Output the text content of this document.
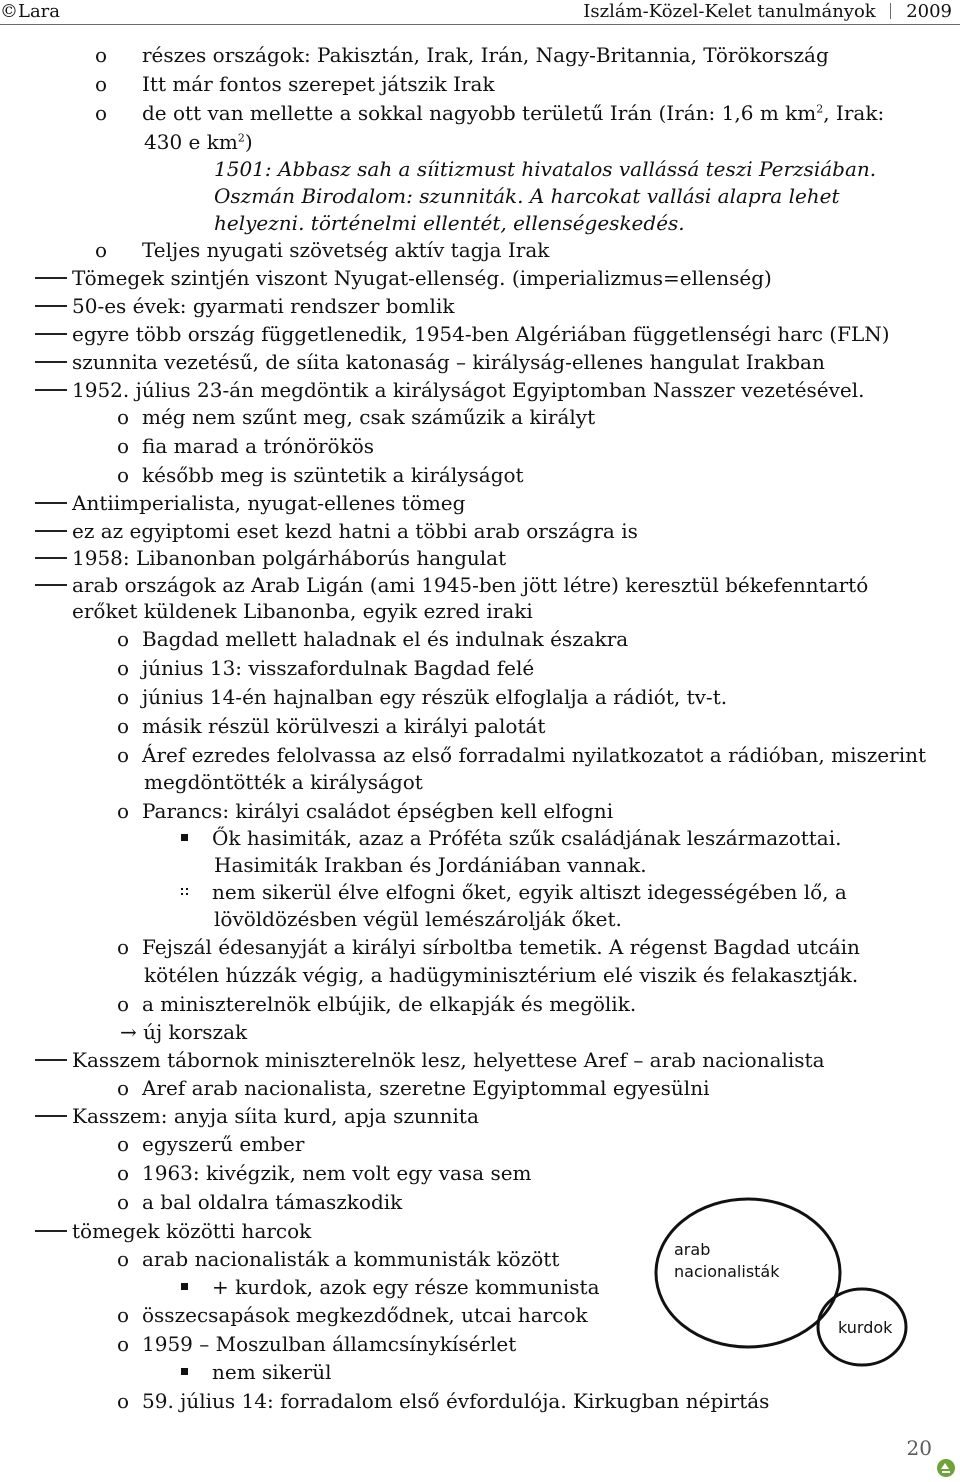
©Lara	Iszlám-Közel-Kelet tanulmányok 2009
o részes országok: Pakisztán, Irak, Irán, Nagy-Britannia, Törökország
o Itt már fontos szerepet játszik Irak
o de ott van mellette a sokkal nagyobb területű Irán (Irán: 1,6 m $km^2$, Irak:
430 e $km^2$)
1501: Abbasz sah a síitizmust hivatalos vallássá teszi Perzsiában.
Oszmán Birodalom: szunniták. A harcokat vallási alapra lehet
helyezni. történelmi ellentét, ellenségeskedés.
o Teljes nyugati szövetség aktív tagja Irak
Tömegek szintjén viszont Nyugat-ellenség. (imperializmus=ellenség)
50-es évek: gyarmati rendszer bomlik
egyre több ország függetlenedik, 1954-ben Algériában függetlenségi harc (FLN)
szunnita vezetésű, de síita katonaság – királyság-ellenes hangulat Irakban
1952. július 23-án megdöntik a királyságot Egyiptomban Nasszer vezetésével.
o még nem szűnt meg, csak száműzik a királyt
o fia marad a trónörökös
o később meg is szüntetik a királyságot
Antiimperialista, nyugat-ellenes tömeg
ez az egyiptomi eset kezd hatni a többi arab országra is
1958: Libanonban polgárháborús hangulat
arab országok az Arab Ligán (ami 1945-ben jött létre) keresztül békefenntartó
erőket küldenek Libanonba, egyik ezred iraki
o Bagdad mellett haladnak el és indulnak északra
o június 13: visszafordulnak Bagdad felé
o június 14-én hajnalban egy részük elfoglalja a rádiót, tv-t.
o másik részül körülveszi a királyi palotát
o Áref ezredes felolvassa az első forradalmi nyilatkozatot a rádióban, miszerint
megdöntötték a királyságot
o Parancs: királyi családot épségben kell elfogni
Ők hasimiták, azaz a Próféta szűk családjának leszármazottai.
Hasimiták Irakban és Jordániában vannak.
nem sikerül élve elfogni őket, egyik altiszt idegességében lő, a
lövöldözésben végül lemészárolják őket.
o Fejszál édesanyját a királyi sírboltba temetik. A régenst Bagdad utcáin
kötélen húzzák végig, a hadügyminisztérium elé viszik és felakasztják.
o a miniszterelnök elbújik, de elkapják és megölik.
→ új korszak
Kasszem tábornok miniszterelnök lesz, helyettese Aref – arab nacionalista
o Aref arab nacionalista, szeretne Egyiptommal egyesülni
Kasszem: anyja síita kurd, apja szunnita
o egyszerű ember
o 1963: kivégzik, nem volt egy vasa sem
o a bal oldalra támaszkodik
tömegek közötti harcok
o arab nacionalisták a kommunisták között
+ kurdok, azok egy része kommunista
o összecsapások megkezdődnek, utcai harcok
o 1959 – Moszulban államcsínykísérlet
nem sikerül
o 59. július 14: forradalom első évfordulója. Kirkugban népirtás
arab
nacionalisták
kurdok
20
